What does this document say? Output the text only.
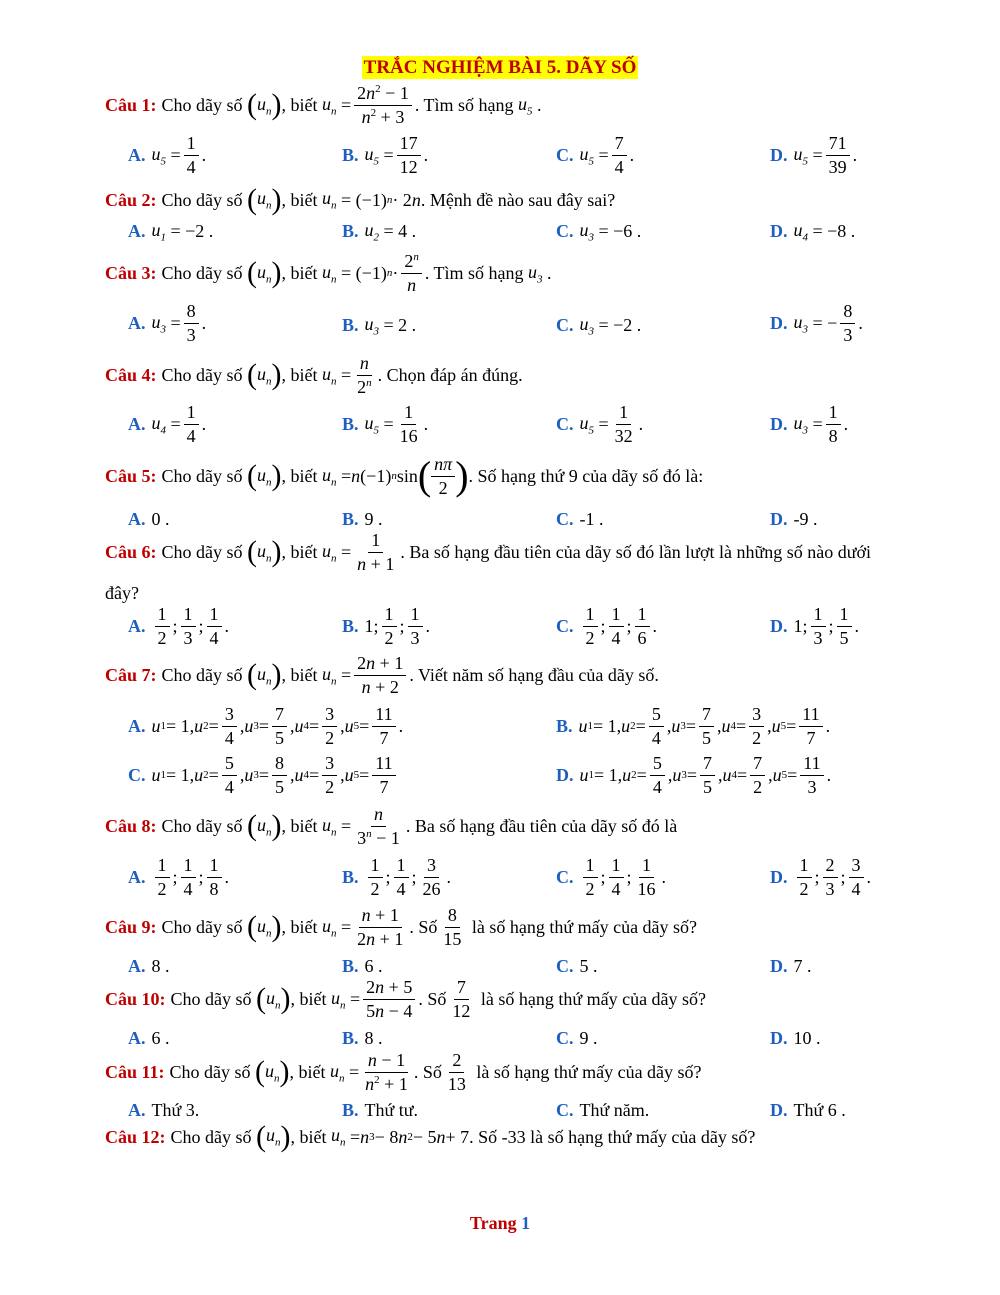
TRẮC NGHIỆM BÀI 5. DÃY SỐ
Câu 1: Cho dãy số
( $u_n$ ) , biết
$u_n = \frac{2n^2 - 1}{n^2 + 3}$ . Tìm số hạng
$u_5$ .
A. $u_5 = \frac{1}{4}$ .	B. $u_5 = \frac{17}{12}$ .	C. $u_5 = \frac{7}{4}$ .	D. $u_5 = \frac{71}{39}$ .
Câu 2: Cho dãy số
( $u_n$ ) , biết
$u_n = (-1) n \cdot 2$ n . Mệnh đề nào sau đây sai?
A. $u_1 = -2$ .	B. $u_2 = 4$ .	C. $u_3 = -6$ .	D. $u_4 = -8$ .
Câu 3: Cho dãy số
( $u_n$ ) , biết
$u_n = (-1) n \cdot \frac{2^n}{n}$ . Tìm số hạng
$u_3$ .
A. $u_3 = \frac{8}{3}$ .	B. $u_3 = 2$ .	C. $u_3 = -2$ .	D. $u_3$ = − $\frac{8}{3}$ .
Câu 4: Cho dãy số
( $u_n$ ) , biết
$u_n = \frac{n}{2^n}$ . Chọn đáp án đúng.
A. $u_4 = \frac{1}{4}$ .	B. $u_5 = \frac{1}{16}$ .	C. $u_5 = \frac{1}{32}$ .	D. $u_3 = \frac{1}{8}$ .
Câu 5: Cho dãy số
( $u_n$ ) , biết
$u_n = n$ (−1) n sin ( $\frac{n\pi}{2}$ ) . Số hạng thứ 9 của dãy số đó là:
A. 0 .	B. 9 .	C. -1 .	D. -9 .
Câu 6: Cho dãy số
( $u_n$ ) , biết
$u_n = \frac{1}{n + 1}$ . Ba số hạng đầu tiên của dãy số đó lần lượt là những số nào dưới
đây?
A. $\frac{1}{2}$ ; $\frac{1}{3}$ ; $\frac{1}{4}$ .	B. 1; $\frac{1}{2}$ ; $\frac{1}{3}$ .	C. $\frac{1}{2}$ ; $\frac{1}{4}$ ; $\frac{1}{6}$ .	D. 1; $\frac{1}{3}$ ; $\frac{1}{5}$ .
Câu 7: Cho dãy số
( $u_n$ ) , biết
$u_n = \frac{2n + 1}{n + 2}$ . Viết năm số hạng đầu của dãy số.
A. u 1 = 1, u $2 = \frac{3}{4}$ , u $3 = \frac{7}{5}$ , u $4 = \frac{3}{2}$ , u $5 = \frac{11}{7}$ .	B. u 1 = 1, u $2 = \frac{5}{4}$ , u $3 = \frac{7}{5}$ , u $4 = \frac{3}{2}$ , u $5 = \frac{11}{7}$ .
C. u 1 = 1, u $2 = \frac{5}{4}$ , u $3 = \frac{8}{5}$ , u $4 = \frac{3}{2}$ , u $5 = \frac{11}{7}$	D. u 1 = 1, u $2 = \frac{5}{4}$ , u $3 = \frac{7}{5}$ , u $4 = \frac{7}{2}$ , u $5 = \frac{11}{3}$ .
Câu 8: Cho dãy số
( $u_n$ ) , biết
$u_n = \frac{n}{3^n - 1}$ . Ba số hạng đầu tiên của dãy số đó là
A. $\frac{1}{2}$ ; $\frac{1}{4}$ ; $\frac{1}{8}$ .	B. $\frac{1}{2}$ ; $\frac{1}{4}$ ; $\frac{3}{26}$ .	C. $\frac{1}{2}$ ; $\frac{1}{4}$ ; $\frac{1}{16}$ .	D. $\frac{1}{2}$ ; $\frac{2}{3}$ ; $\frac{3}{4}$ .
Câu 9: Cho dãy số
( $u_n$ ) , biết
$u_n = \frac{n + 1}{2n + 1}$ . Số $\frac{8}{15}$
là số hạng thứ mấy của dãy số?
A. 8 .	B. 6 .	C. 5 .	D. 7 .
Câu 10: Cho dãy số
( $u_n$ ) , biết
$u_n = \frac{2n + 5}{5n - 4}$ . Số $\frac{7}{12}$
là số hạng thứ mấy của dãy số?
A. 6 .	B. 8 .	C. 9 .	D. 10 .
Câu 11: Cho dãy số
( $u_n$ ) , biết
$u_n = \frac{n - 1}{n^2 + 1}$ . Số $\frac{2}{13}$
là số hạng thứ mấy của dãy số?
A. Thứ 3.	B. Thứ tư.	C. Thứ năm.	D. Thứ 6 .
Câu 12: Cho dãy số
( $u_n$ ) , biết
$u_n = n$ 3 − 8 n 2 − 5 n + 7 . Số -33 là số hạng thứ mấy của dãy số?
Trang 1
